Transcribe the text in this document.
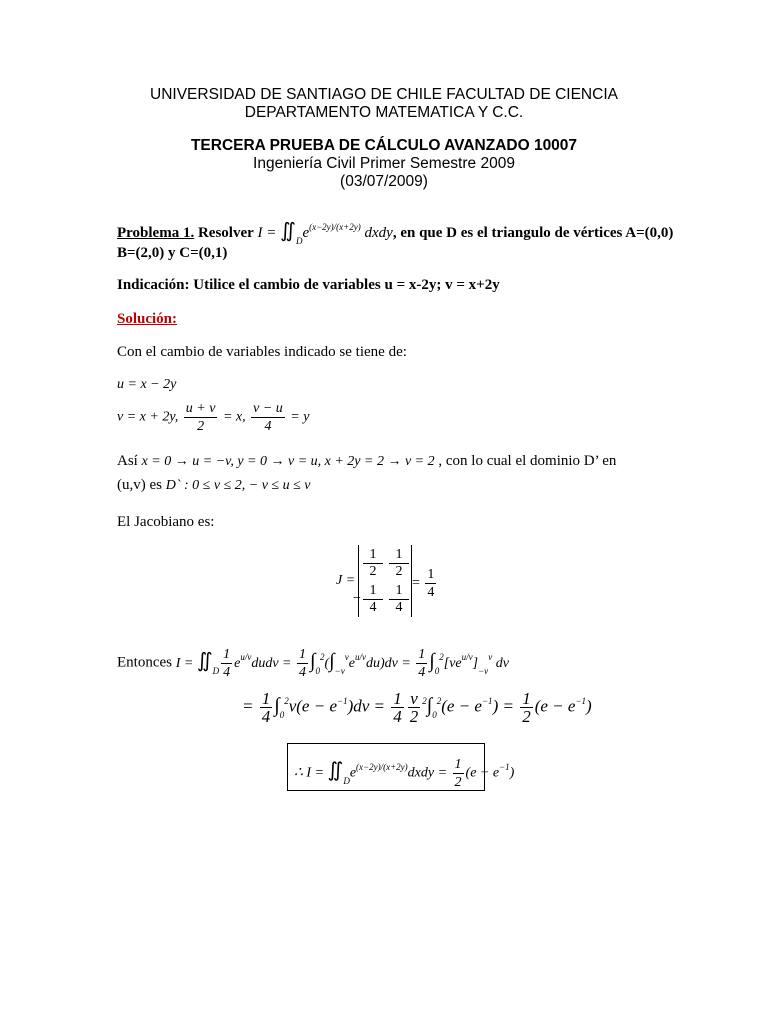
UNIVERSIDAD DE SANTIAGO DE CHILE FACULTAD DE CIENCIA
DEPARTAMENTO MATEMATICA Y C.C.
TERCERA PRUEBA DE CÁLCULO AVANZADO 10007
Ingeniería Civil Primer Semestre 2009
(03/07/2009)
Problema 1. Resolver $I = ∬_De^{(x-2y)/(x+2y)}$ dxdy, en que D es el triangulo de vértices A=(0,0)
B=(2,0) y C=(0,1)
Indicación: Utilice el cambio de variables u = x-2y; v = x+2y
Solución:
Con el cambio de variables indicado se tiene de:
u = x − 2y
v = x + 2y, $\frac{u + v}{2} = x$, $\frac{v - u}{4} = y$
Así x = 0 → u = −v, y = 0 → v = u, x + 2y = 2 → v = 2 , con lo cual el dominio D’ en
(u,v) es D` : 0 ≤ v ≤ 2, − v ≤ u ≤ v
El Jacobiano es:
J =
1
2
1
2
1
4
−
1
4
= $\frac{1}{4}$
Entonces $I = ∬_D \frac{1}{4}$ $e^{u/v}dudv = \frac{1}{4} \int_0^2(\int_{-v}^ve^{u/v}du)dv = \frac{1}{4} \int_0^2[ve^{u/v}]_{-v}^v$ dv
= $\frac{1}{4} \int_0^2v(e - e^{-1})dv = \frac{1}{4} \frac{v}{2} ^2\int_0^2(e - e^{-1}) = \frac{1}{2} (e - e^{-1})$
∴ $I = ∬_De^{(x-2y)/(x+2y)}dxdy = \frac{1}{2} (e - e^{-1})$
